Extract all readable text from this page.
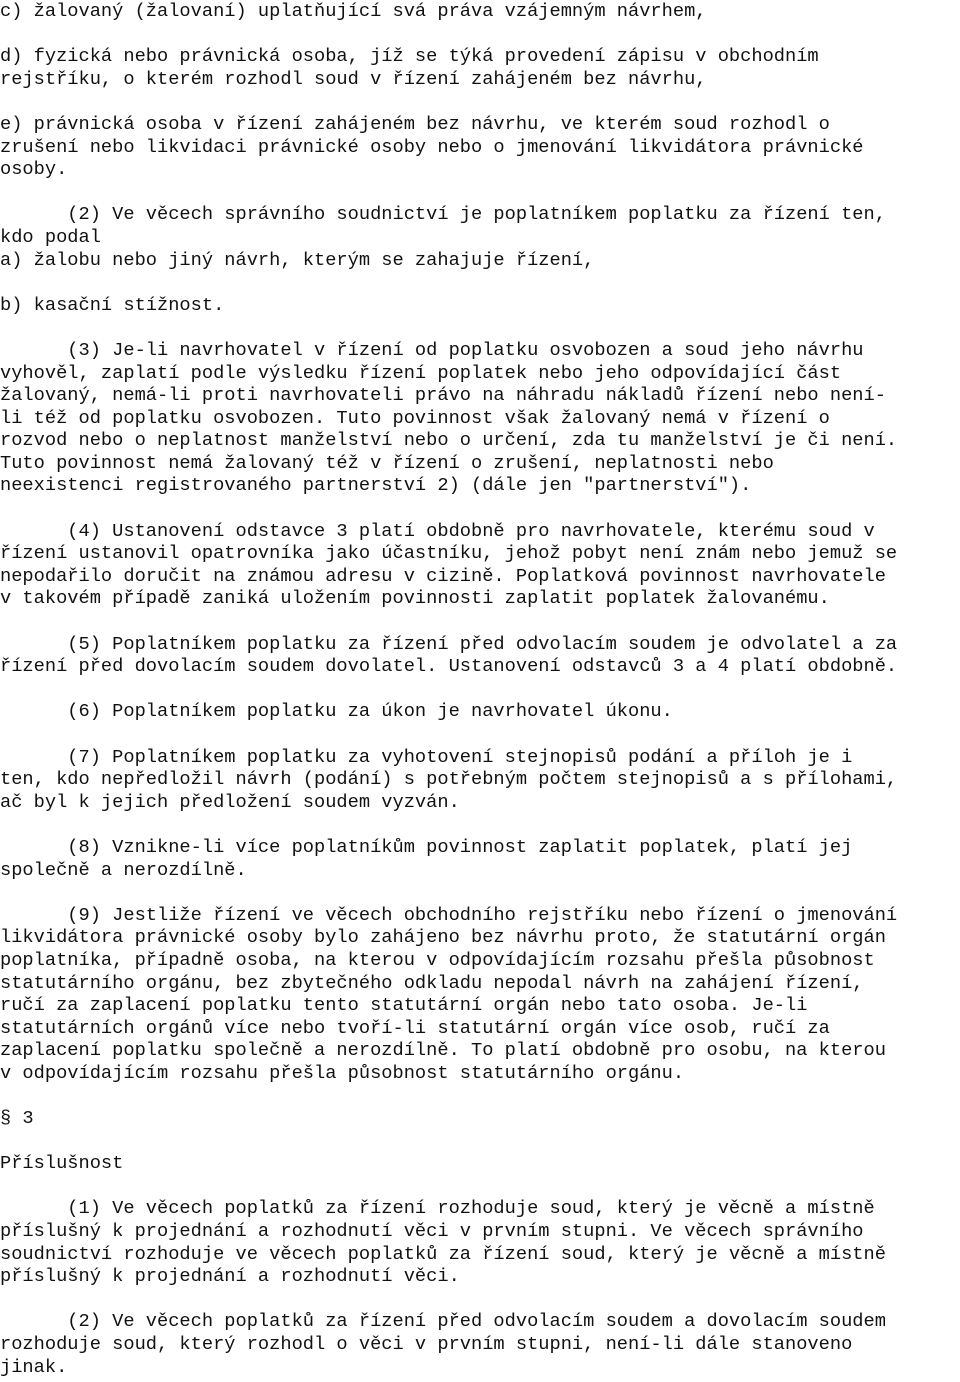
c) žalovaný (žalovaní) uplatňující svá práva vzájemným návrhem,
d) fyzická nebo právnická osoba, jíž se týká provedení zápisu v obchodním
rejstříku, o kterém rozhodl soud v řízení zahájeném bez návrhu,
e) právnická osoba v řízení zahájeném bez návrhu, ve kterém soud rozhodl o
zrušení nebo likvidaci právnické osoby nebo o jmenování likvidátora právnické
osoby.
(2) Ve věcech správního soudnictví je poplatníkem poplatku za řízení ten,
kdo podal
a) žalobu nebo jiný návrh, kterým se zahajuje řízení,
b) kasační stížnost.
(3) Je-li navrhovatel v řízení od poplatku osvobozen a soud jeho návrhu
vyhověl, zaplatí podle výsledku řízení poplatek nebo jeho odpovídající část
žalovaný, nemá-li proti navrhovateli právo na náhradu nákladů řízení nebo není-
li též od poplatku osvobozen. Tuto povinnost však žalovaný nemá v řízení o
rozvod nebo o neplatnost manželství nebo o určení, zda tu manželství je či není.
Tuto povinnost nemá žalovaný též v řízení o zrušení, neplatnosti nebo
neexistenci registrovaného partnerství 2) (dále jen "partnerství").
(4) Ustanovení odstavce 3 platí obdobně pro navrhovatele, kterému soud v
řízení ustanovil opatrovníka jako účastníku, jehož pobyt není znám nebo jemuž se
nepodařilo doručit na známou adresu v cizině. Poplatková povinnost navrhovatele
v takovém případě zaniká uložením povinnosti zaplatit poplatek žalovanému.
(5) Poplatníkem poplatku za řízení před odvolacím soudem je odvolatel a za
řízení před dovolacím soudem dovolatel. Ustanovení odstavců 3 a 4 platí obdobně.
(6) Poplatníkem poplatku za úkon je navrhovatel úkonu.
(7) Poplatníkem poplatku za vyhotovení stejnopisů podání a příloh je i
ten, kdo nepředložil návrh (podání) s potřebným počtem stejnopisů a s přílohami,
ač byl k jejich předložení soudem vyzván.
(8) Vznikne-li více poplatníkům povinnost zaplatit poplatek, platí jej
společně a nerozdílně.
(9) Jestliže řízení ve věcech obchodního rejstříku nebo řízení o jmenování
likvidátora právnické osoby bylo zahájeno bez návrhu proto, že statutární orgán
poplatníka, případně osoba, na kterou v odpovídajícím rozsahu přešla působnost
statutárního orgánu, bez zbytečného odkladu nepodal návrh na zahájení řízení,
ručí za zaplacení poplatku tento statutární orgán nebo tato osoba. Je-li
statutárních orgánů více nebo tvoří-li statutární orgán více osob, ručí za
zaplacení poplatku společně a nerozdílně. To platí obdobně pro osobu, na kterou
v odpovídajícím rozsahu přešla působnost statutárního orgánu.
§ 3
Příslušnost
(1) Ve věcech poplatků za řízení rozhoduje soud, který je věcně a místně
příslušný k projednání a rozhodnutí věci v prvním stupni. Ve věcech správního
soudnictví rozhoduje ve věcech poplatků za řízení soud, který je věcně a místně
příslušný k projednání a rozhodnutí věci.
(2) Ve věcech poplatků za řízení před odvolacím soudem a dovolacím soudem
rozhoduje soud, který rozhodl o věci v prvním stupni, není-li dále stanoveno
jinak.
